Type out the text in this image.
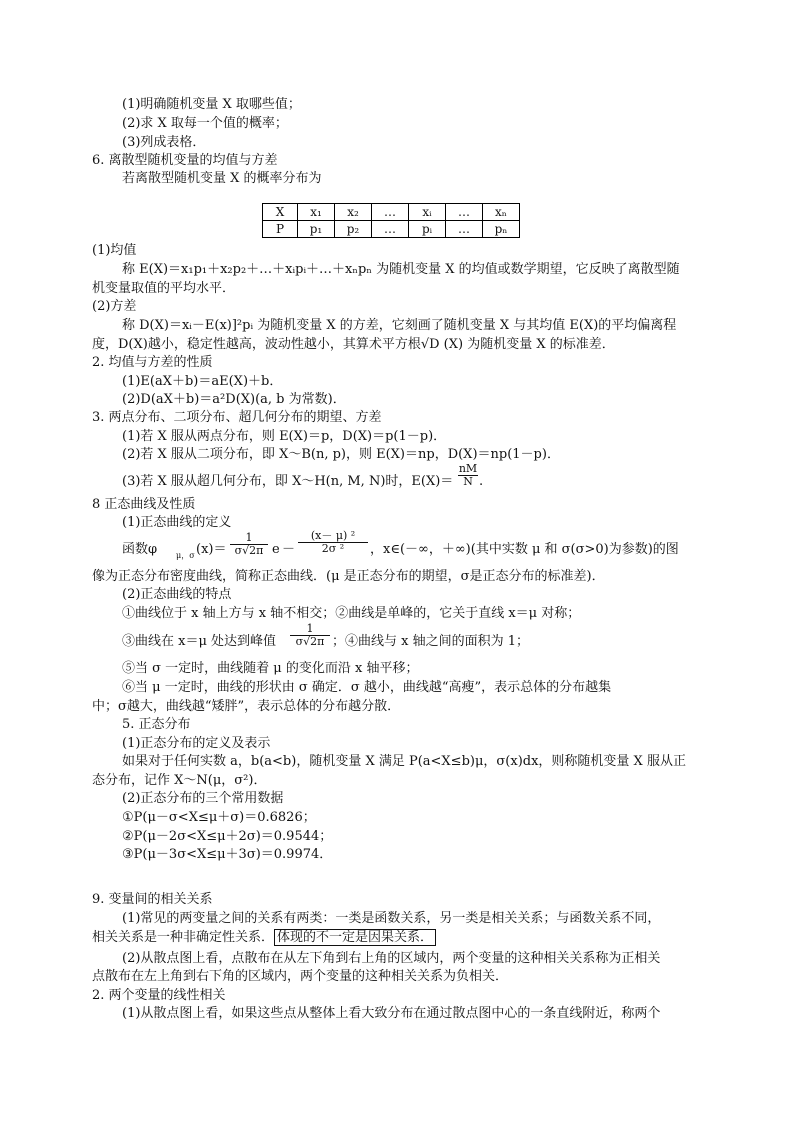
(1)明确随机变量 X 取哪些值；
(2)求 X 取每一个值的概率；
(3)列成表格．
6. 离散型随机变量的均值与方差
若离散型随机变量 X 的概率分布为
X	x₁	x₂	…	xᵢ	…	xₙ
P	p₁	p₂	…	pᵢ	…	pₙ
(1)均值
称 E(X)＝x₁p₁＋x₂p₂＋…＋xᵢpᵢ＋…＋xₙpₙ 为随机变量 X 的均值或数学期望，它反映了离散型随
机变量取值的平均水平．
(2)方差
称 D(X)＝xᵢ－E(x)]²pᵢ 为随机变量 X 的方差，它刻画了随机变量 X 与其均值 E(X)的平均偏离程
度，D(X)越小，稳定性越高，波动性越小，其算术平方根√D (X) 为随机变量 X 的标准差．
2. 均值与方差的性质
(1)E(aX＋b)＝aE(X)＋b．
(2)D(aX＋b)＝a²D(X)(a, b 为常数)．
3. 两点分布、二项分布、超几何分布的期望、方差
(1)若 X 服从两点分布，则 E(X)＝p，D(X)＝p(1－p)．
(2)若 X 服从二项分布，即 X～B(n, p)，则 E(X)＝np，D(X)＝np(1－p)．
(3)若 X 服从超几何分布，即 X～H(n, M, N)时，$E(X)= \frac{nM}{N}$ .
8 正态曲线及性质
(1)正态曲线的定义
函数φ μ，σ $(x)= \frac{1}{\sigma√2\pi}$ $e - \frac{\text{(x－ μ) ²}}{\text{2σ ²}}$ ，x∈(－∞，＋∞)(其中实数 μ 和 σ(σ>0)为参数)的图
像为正态分布密度曲线，简称正态曲线．(μ 是正态分布的期望，σ是正态分布的标准差)．
(2)正态曲线的特点
①曲线位于 x 轴上方与 x 轴不相交；②曲线是单峰的，它关于直线 x＝μ 对称；
③曲线在 x＝μ 处达到峰值 $\frac{1}{\sigma√2\pi}$ ；④曲线与 x 轴之间的面积为 1；
⑤当 σ 一定时，曲线随着 μ 的变化而沿 x 轴平移；
⑥当 μ 一定时，曲线的形状由 σ 确定．σ 越小，曲线越“高瘦”，表示总体的分布越集
中；σ越大，曲线越“矮胖”，表示总体的分布越分散．
5. 正态分布
(1)正态分布的定义及表示
如果对于任何实数 a，b(a<b)，随机变量 X 满足 P(a<X≤b)μ，σ(x)dx，则称随机变量 X 服从正
态分布，记作 X～N(μ，σ²)．
(2)正态分布的三个常用数据
①P(μ－σ<X≤μ＋σ)＝0.6826；
②P(μ－2σ<X≤μ＋2σ)＝0.9544；
③P(μ－3σ<X≤μ＋3σ)＝0.9974．
9. 变量间的相关关系
(1)常见的两变量之间的关系有两类：一类是函数关系，另一类是相关关系；与函数关系不同，
相关关系是一种非确定性关系． 体现的不一定是因果关系．
(2)从散点图上看，点散布在从左下角到右上角的区域内，两个变量的这种相关关系称为正相关
点散布在左上角到右下角的区域内，两个变量的这种相关关系为负相关．
2. 两个变量的线性相关
(1)从散点图上看，如果这些点从整体上看大致分布在通过散点图中心的一条直线附近，称两个
